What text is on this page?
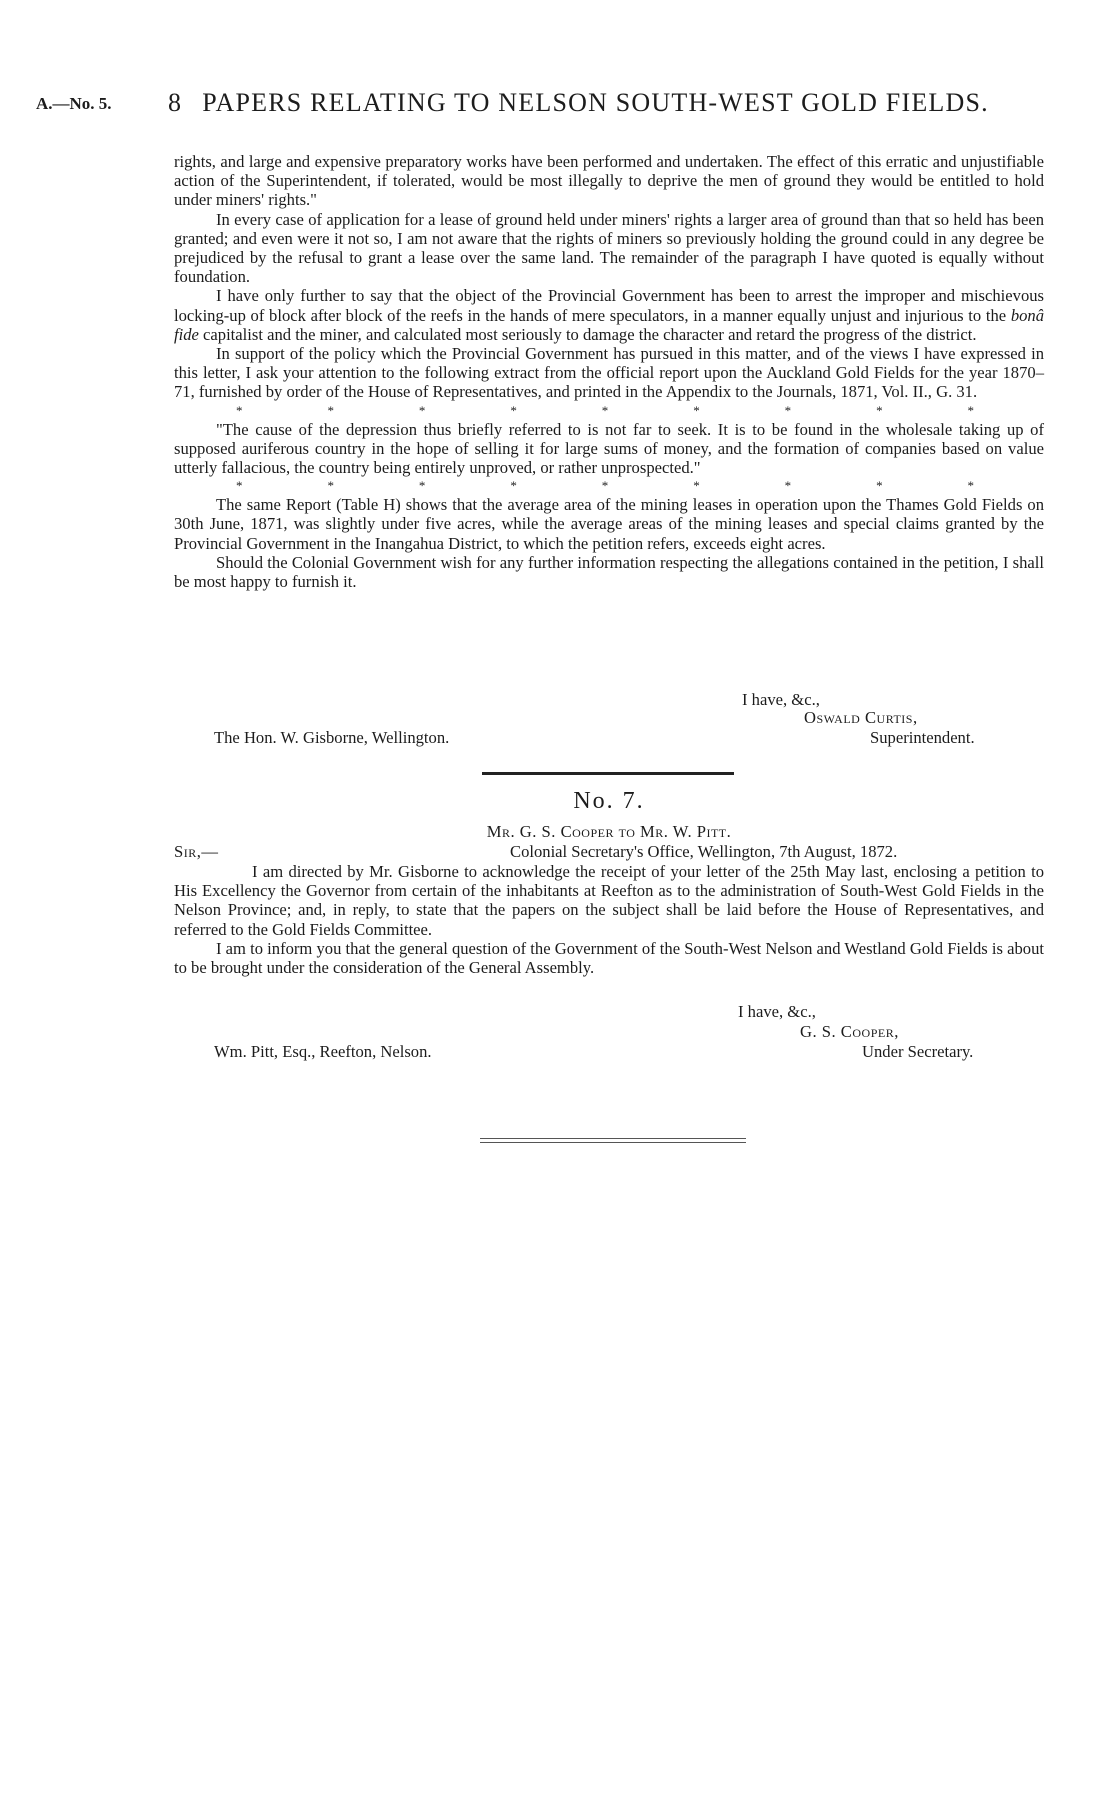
A.—No. 5. 8 PAPERS RELATING TO NELSON SOUTH-WEST GOLD FIELDS.

rights, and large and expensive preparatory works have been performed and undertaken. The effect of this erratic and unjustifiable action of the Superintendent, if tolerated, would be most illegally to deprive the men of ground they would be entitled to hold under miners' rights."

In every case of application for a lease of ground held under miners' rights a larger area of ground than that so held has been granted; and even were it not so, I am not aware that the rights of miners so previously holding the ground could in any degree be prejudiced by the refusal to grant a lease over the same land. The remainder of the paragraph I have quoted is equally without foundation.

I have only further to say that the object of the Provincial Government has been to arrest the improper and mischievous locking-up of block after block of the reefs in the hands of mere speculators, in a manner equally unjust and injurious to the bonâ fide capitalist and the miner, and calculated most seriously to damage the character and retard the progress of the district.

In support of the policy which the Provincial Government has pursued in this matter, and of the views I have expressed in this letter, I ask your attention to the following extract from the official report upon the Auckland Gold Fields for the year 1870–71, furnished by order of the House of Representatives, and printed in the Appendix to the Journals, 1871, Vol. II., G. 31.

*	*	*	*	*	*	*	*	*

"The cause of the depression thus briefly referred to is not far to seek. It is to be found in the wholesale taking up of supposed auriferous country in the hope of selling it for large sums of money, and the formation of companies based on value utterly fallacious, the country being entirely unproved, or rather unprospected."

*	*	*	*	*	*	*	*	*

The same Report (Table H) shows that the average area of the mining leases in operation upon the Thames Gold Fields on 30th June, 1871, was slightly under five acres, while the average areas of the mining leases and special claims granted by the Provincial Government in the Inangahua District, to which the petition refers, exceeds eight acres.

Should the Colonial Government wish for any further information respecting the allegations contained in the petition, I shall be most happy to furnish it.

I have, &c.,
Oswald Curtis,
The Hon. W. Gisborne, Wellington.	Superintendent.
No. 7.
Mr. G. S. Cooper to Mr. W. Pitt.
Sir,—	Colonial Secretary's Office, Wellington, 7th August, 1872.

I am directed by Mr. Gisborne to acknowledge the receipt of your letter of the 25th May last, enclosing a petition to His Excellency the Governor from certain of the inhabitants at Reefton as to the administration of South-West Gold Fields in the Nelson Province; and, in reply, to state that the papers on the subject shall be laid before the House of Representatives, and referred to the Gold Fields Committee.

I am to inform you that the general question of the Government of the South-West Nelson and Westland Gold Fields is about to be brought under the consideration of the General Assembly.

I have, &c.,
G. S. Cooper,
Wm. Pitt, Esq., Reefton, Nelson.	Under Secretary.
